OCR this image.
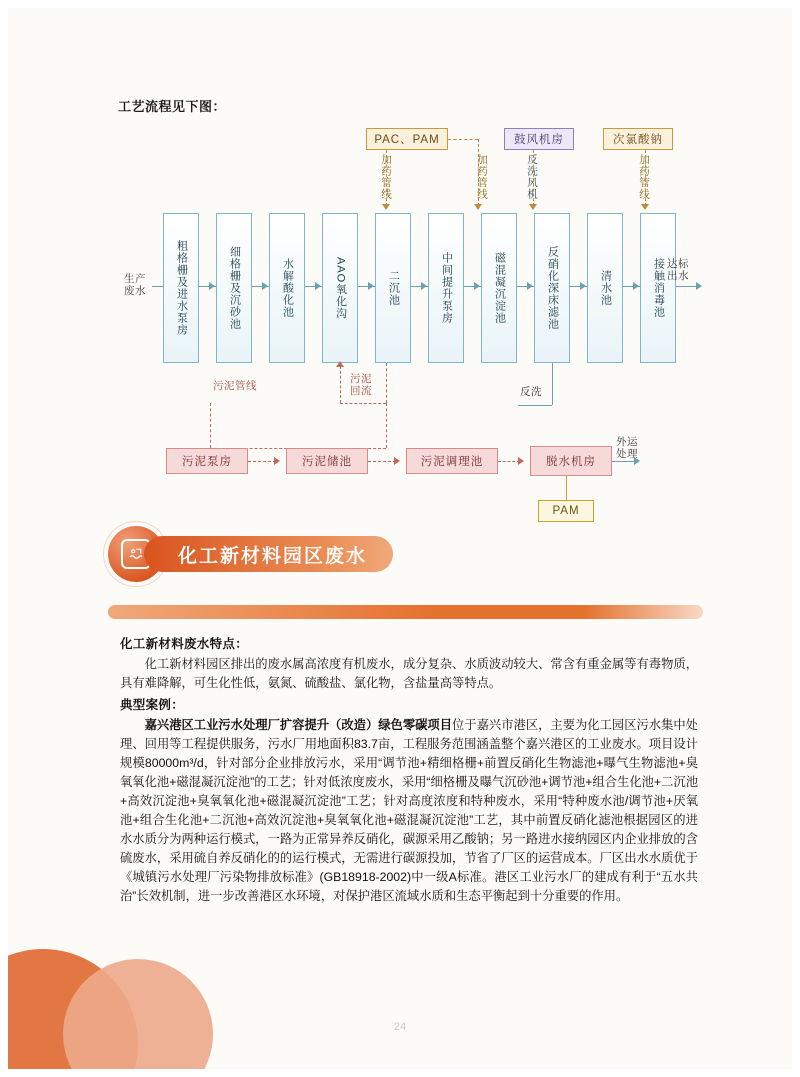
24
工艺流程见下图：
生产
废水	粗格栅及进水泵房	细格栅及沉砂池	水解酸化池	AAO氧化沟	二沉池	中间提升泵房	磁混凝沉淀池	反硝化深床滤池	清水池	接触消毒池 达标
出水
PAC、PAM	鼓风机房	次氯酸钠
加药管线	加药管线	反洗风机	加药管线
污泥管线
污泥
回流	反洗
污泥泵房	污泥储池	污泥调理池	脱水机房
外运
处理
PAM
化工新材料园区废水

化工新材料废水特点：

化工新材料园区排出的废水属高浓度有机废水，成分复杂、水质波动较大、常含有重金属等有毒物质，具有难降解，可生化性低，氨氮、硫酸盐、氯化物，含盐量高等特点。

典型案例：

嘉兴港区工业污水处理厂扩容提升（改造）绿色零碳项目位于嘉兴市港区，主要为化工园区污水集中处理、回用等工程提供服务，污水厂用地面积83.7亩，工程服务范围涵盖整个嘉兴港区的工业废水。项目设计规模80000m³/d，针对部分企业排放污水，采用“调节池+精细格栅+前置反硝化生物滤池+曝气生物滤池+臭氧氧化池+磁混凝沉淀池”的工艺；针对低浓度废水，采用“细格栅及曝气沉砂池+调节池+组合生化池+二沉池+高效沉淀池+臭氧氧化池+磁混凝沉淀池”工艺；针对高度浓度和特种废水，采用“特种废水池/调节池+厌氧池+组合生化池+二沉池+高效沉淀池+臭氧氧化池+磁混凝沉淀池”工艺，其中前置反硝化滤池根据园区的进水水质分为两种运行模式，一路为正常异养反硝化，碳源采用乙酸钠；另一路进水接纳园区内企业排放的含硫废水，采用硫自养反硝化的的运行模式，无需进行碳源投加，节省了厂区的运营成本。厂区出水水质优于《城镇污水处理厂污染物排放标准》(GB18918-2002)中一级A标准。港区工业污水厂的建成有利于“五水共治”长效机制，进一步改善港区水环境，对保护港区流域水质和生态平衡起到十分重要的作用。
